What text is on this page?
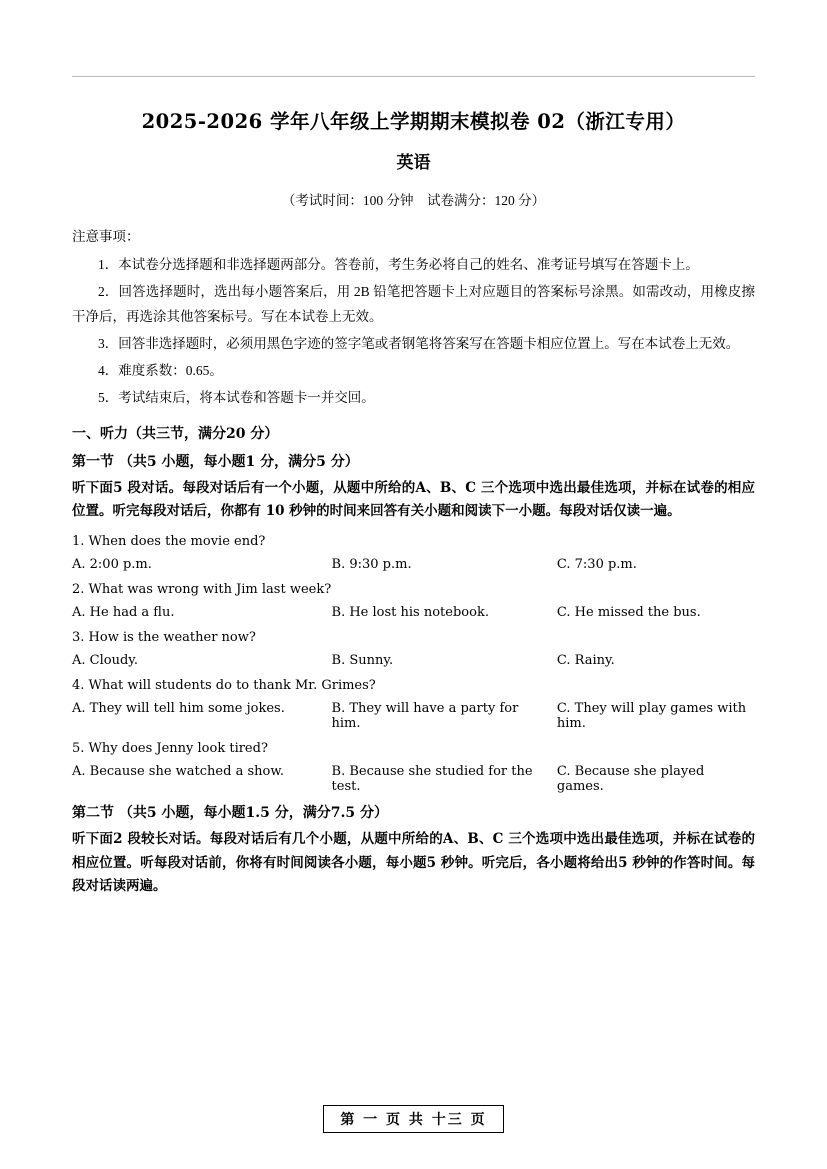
2025-2026 学年八年级上学期期末模拟卷 02（浙江专用）
英语

（考试时间：100 分钟　试卷满分：120 分）

注意事项：

1．本试卷分选择题和非选择题两部分。答卷前，考生务必将自己的姓名、准考证号填写在答题卡上。

2．回答选择题时，选出每小题答案后，用 2B 铅笔把答题卡上对应题目的答案标号涂黑。如需改动，用橡皮擦干净后，再选涂其他答案标号。写在本试卷上无效。

3．回答非选择题时，必须用黑色字迹的签字笔或者钢笔将答案写在答题卡相应位置上。写在本试卷上无效。

4．难度系数：0.65。

5．考试结束后，将本试卷和答题卡一并交回。

一、听力（共三节，满分20 分）

第一节 （共5 小题，每小题1 分，满分5 分）

听下面5 段对话。每段对话后有一个小题，从题中所给的A、B、C 三个选项中选出最佳选项，并标在试卷的相应位置。听完每段对话后，你都有 10 秒钟的时间来回答有关小题和阅读下一小题。每段对话仅读一遍。

1. When does the movie end?

A. 2:00 p.m.	B. 9:30 p.m.	C. 7:30 p.m.

2. What was wrong with Jim last week?

A. He had a flu.	B. He lost his notebook.	C. He missed the bus.

3. How is the weather now?

A. Cloudy.	B. Sunny.	C. Rainy.

4. What will students do to thank Mr. Grimes?

A. They will tell him some jokes.	B. They will have a party for him.
C. They will play games with him.

5. Why does Jenny look tired?

A. Because she watched a show.	B. Because she studied for the test.
C. Because she played games.

第二节 （共5 小题，每小题1.5 分，满分7.5 分）

听下面2 段较长对话。每段对话后有几个小题，从题中所给的A、B、C 三个选项中选出最佳选项，并标在试卷的相应位置。听每段对话前，你将有时间阅读各小题，每小题5 秒钟。听完后，各小题将给出5 秒钟的作答时间。每段对话读两遍。

第 一 页 共 十三 页
